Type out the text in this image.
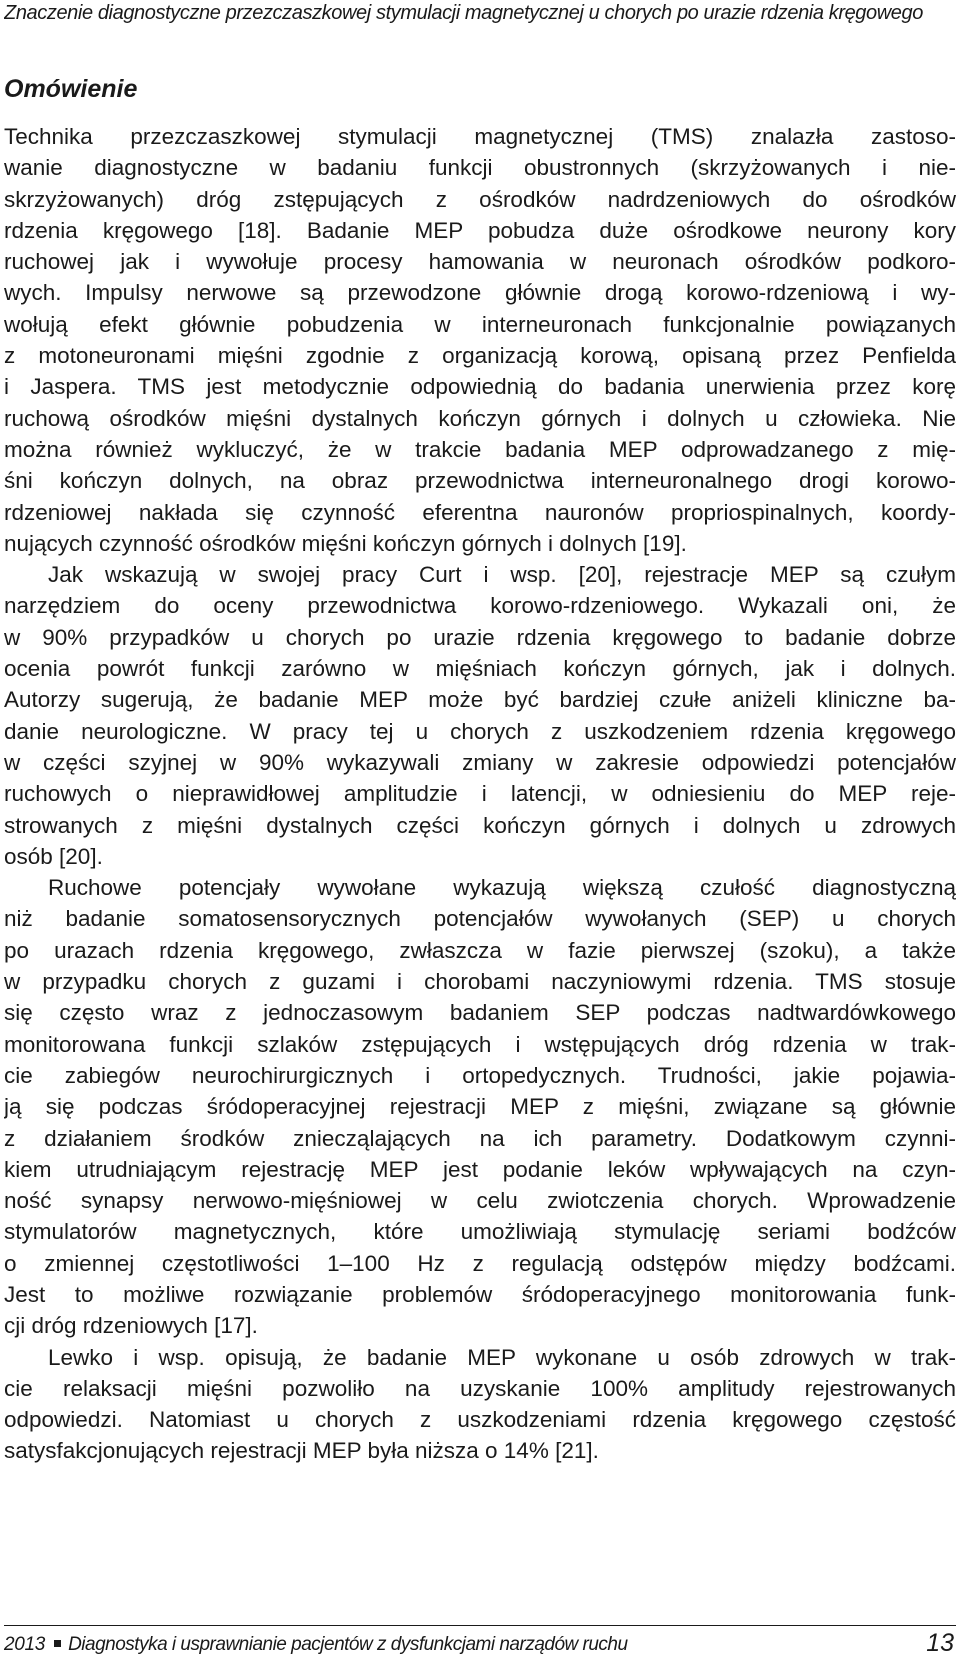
Znaczenie diagnostyczne przezczaszkowej stymulacji magnetycznej u chorych po urazie rdzenia kręgowego
Omówienie
Technika przezczaszkowej stymulacji magnetycznej (TMS) znalazła zastoso-
wanie diagnostyczne w badaniu funkcji obustronnych (skrzyżowanych i nie-
skrzyżowanych) dróg zstępujących z ośrodków nadrdzeniowych do ośrodków
rdzenia kręgowego [18]. Badanie MEP pobudza duże ośrodkowe neurony kory
ruchowej jak i wywołuje procesy hamowania w neuronach ośrodków podkoro-
wych. Impulsy nerwowe są przewodzone głównie drogą korowo-rdzeniową i wy-
wołują efekt głównie pobudzenia w interneuronach funkcjonalnie powiązanych
z motoneuronami mięśni zgodnie z organizacją korową, opisaną przez Penfielda
i Jaspera. TMS jest metodycznie odpowiednią do badania unerwienia przez korę
ruchową ośrodków mięśni dystalnych kończyn górnych i dolnych u człowieka. Nie
można również wykluczyć, że w trakcie badania MEP odprowadzanego z mię-
śni kończyn dolnych, na obraz przewodnictwa interneuronalnego drogi korowo-
rdzeniowej nakłada się czynność eferentna nauronów propriospinalnych, koordy-
nujących czynność ośrodków mięśni kończyn górnych i dolnych [19].
Jak wskazują w swojej pracy Curt i wsp. [20], rejestracje MEP są czułym
narzędziem do oceny przewodnictwa korowo-rdzeniowego. Wykazali oni, że
w 90% przypadków u chorych po urazie rdzenia kręgowego to badanie dobrze
ocenia powrót funkcji zarówno w mięśniach kończyn górnych, jak i dolnych.
Autorzy sugerują, że badanie MEP może być bardziej czułe aniżeli kliniczne ba-
danie neurologiczne. W pracy tej u chorych z uszkodzeniem rdzenia kręgowego
w części szyjnej w 90% wykazywali zmiany w zakresie odpowiedzi potencjałów
ruchowych o nieprawidłowej amplitudzie i latencji, w odniesieniu do MEP reje-
strowanych z mięśni dystalnych części kończyn górnych i dolnych u zdrowych
osób [20].
Ruchowe potencjały wywołane wykazują większą czułość diagnostyczną
niż badanie somatosensorycznych potencjałów wywołanych (SEP) u chorych
po urazach rdzenia kręgowego, zwłaszcza w fazie pierwszej (szoku), a także
w przypadku chorych z guzami i chorobami naczyniowymi rdzenia. TMS stosuje
się często wraz z jednoczasowym badaniem SEP podczas nadtwardówkowego
monitorowana funkcji szlaków zstępujących i wstępujących dróg rdzenia w trak-
cie zabiegów neurochirurgicznych i ortopedycznych. Trudności, jakie pojawia-
ją się podczas śródoperacyjnej rejestracji MEP z mięśni, związane są głównie
z działaniem środków zniecząlających na ich parametry. Dodatkowym czynni-
kiem utrudniającym rejestrację MEP jest podanie leków wpływających na czyn-
ność synapsy nerwowo-mięśniowej w celu zwiotczenia chorych. Wprowadzenie
stymulatorów magnetycznych, które umożliwiają stymulację seriami bodźców
o zmiennej częstotliwości 1–100 Hz z regulacją odstępów między bodźcami.
Jest to możliwe rozwiązanie problemów śródoperacyjnego monitorowania funk-
cji dróg rdzeniowych [17].
Lewko i wsp. opisują, że badanie MEP wykonane u osób zdrowych w trak-
cie relaksacji mięśni pozwoliło na uzyskanie 100% amplitudy rejestrowanych
odpowiedzi. Natomiast u chorych z uszkodzeniami rdzenia kręgowego częstość
satysfakcjonujących rejestracji MEP była niższa o 14% [21].
2013 Diagnostyka i usprawnianie pacjentów z dysfunkcjami narządów ruchu	13
